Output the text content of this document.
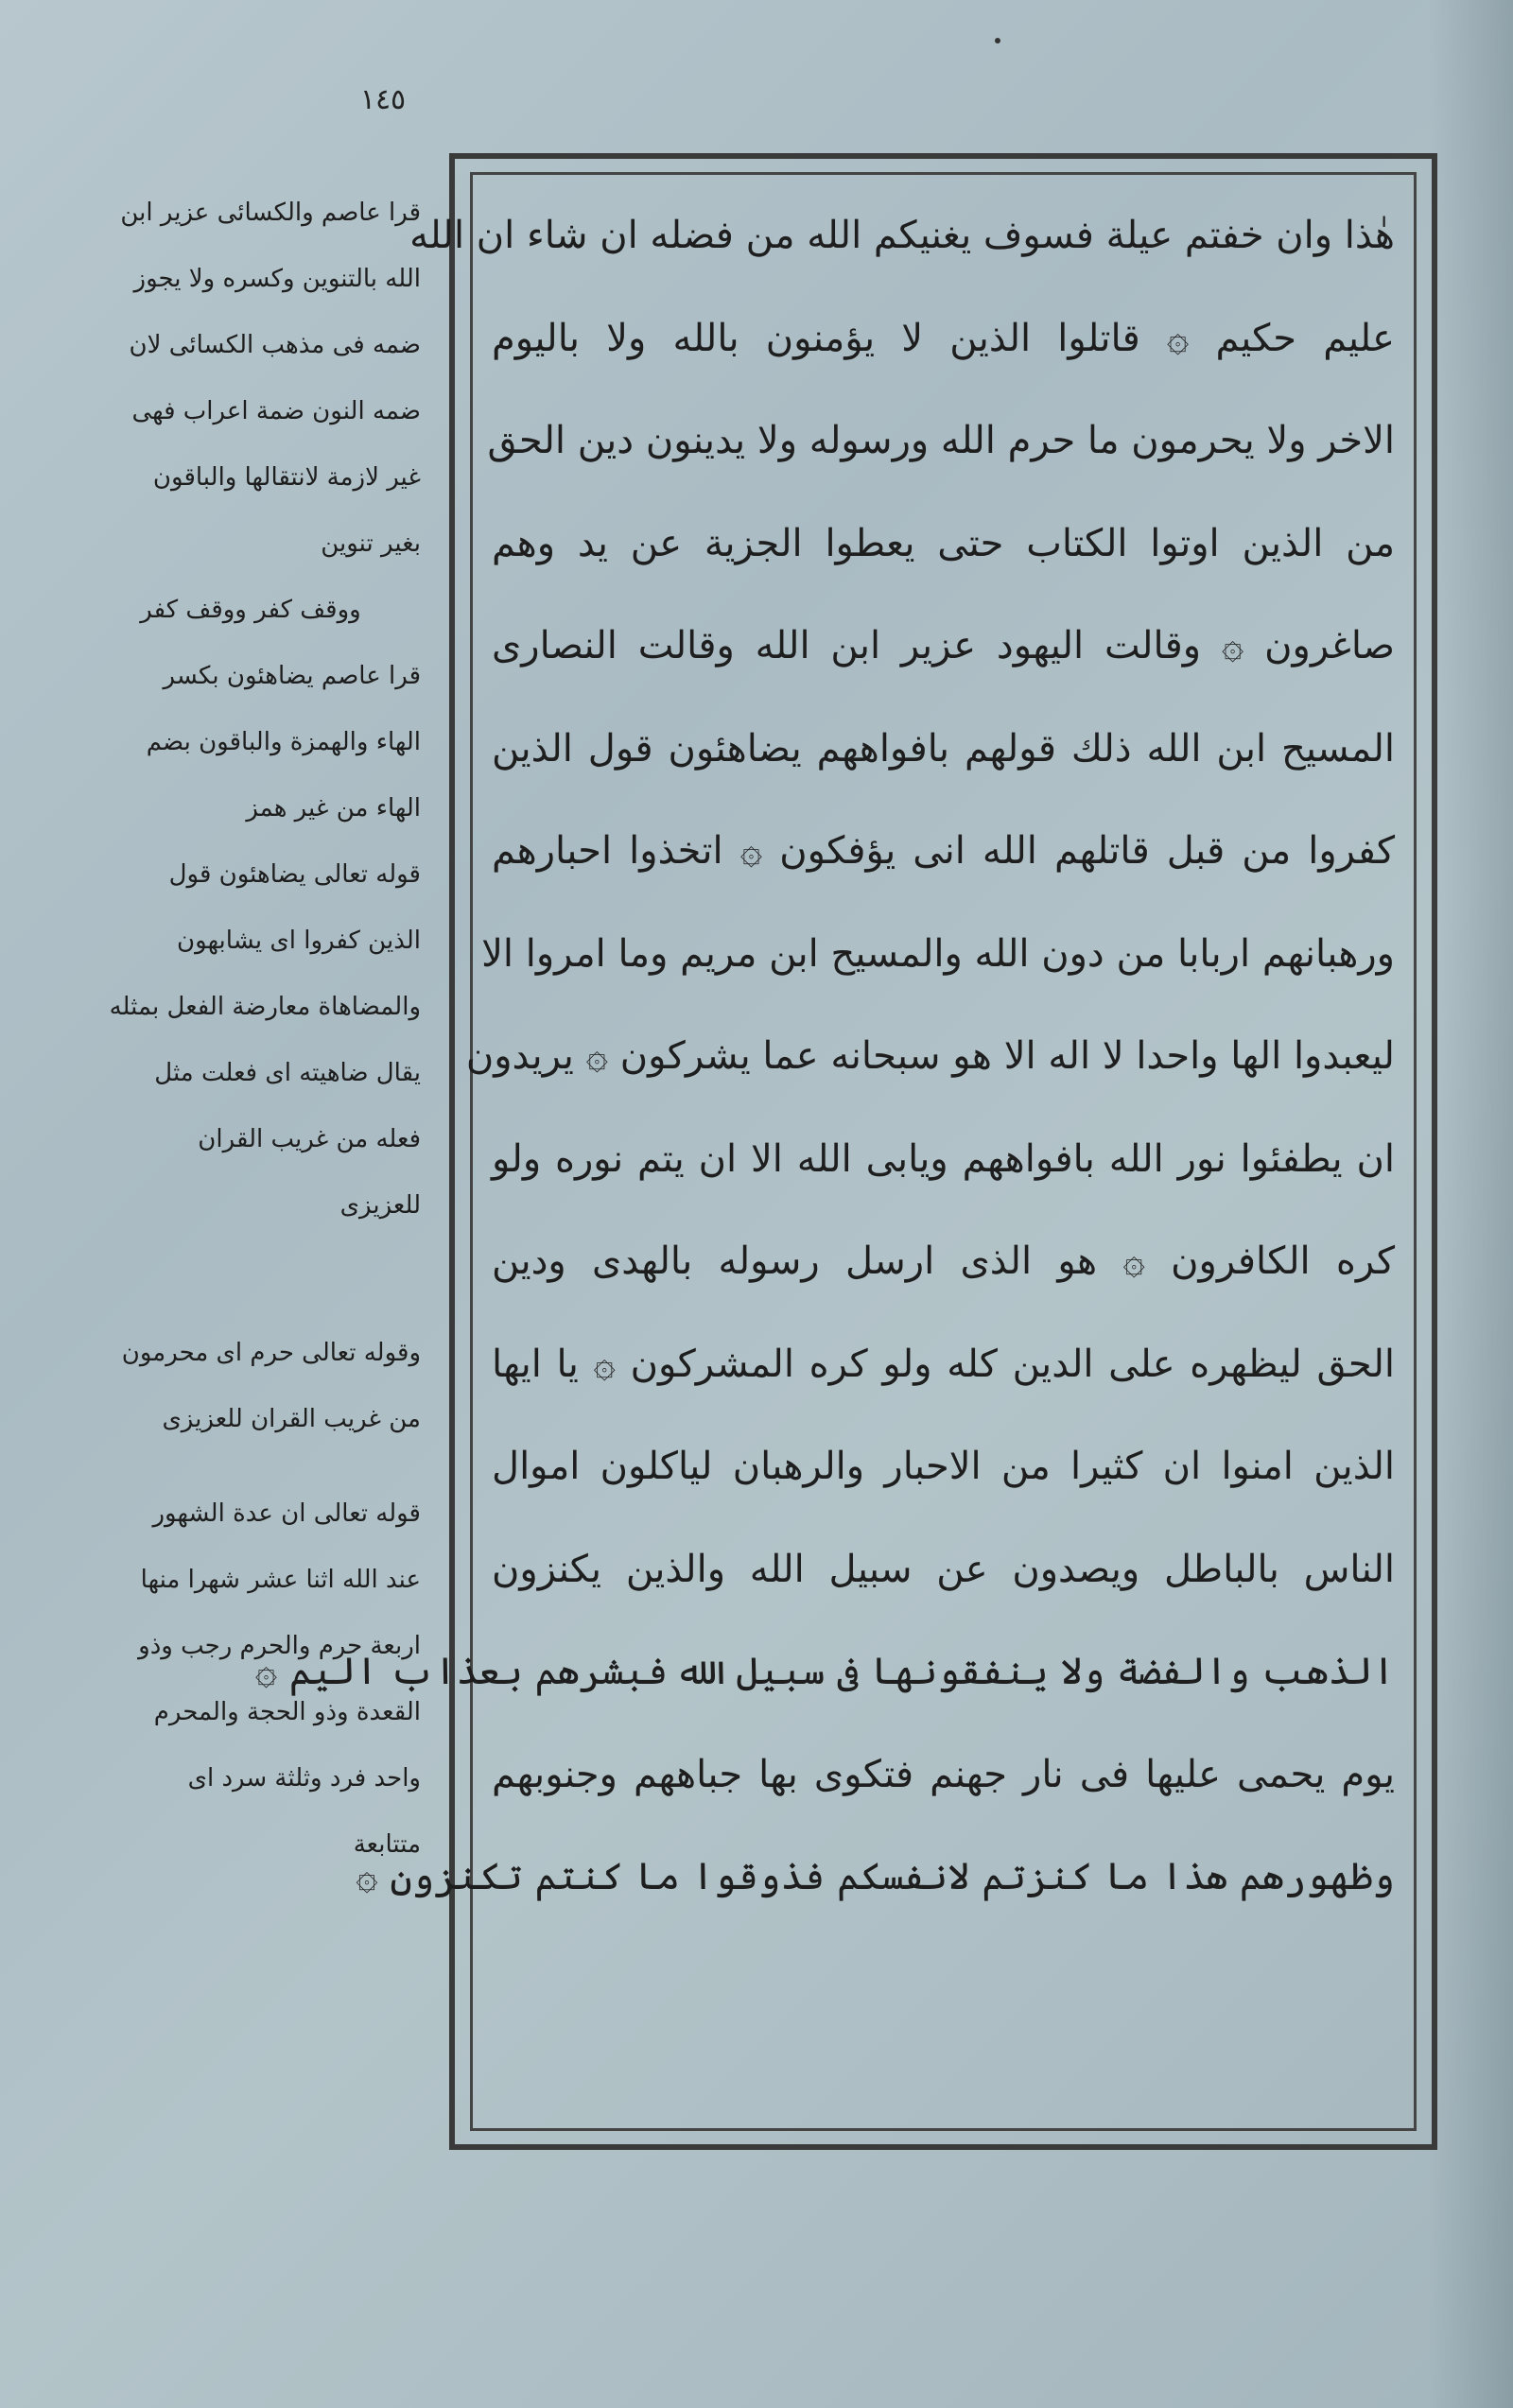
١٤٥
هٰذا وان خفتم عيلة فسوف يغنيكم الله من فضله ان شاء ان الله
عليم حكيم ۞ قاتلوا الذين لا يؤمنون بالله ولا باليوم
الاخر ولا يحرمون ما حرم الله ورسوله ولا يدينون دين الحق
من الذين اوتوا الكتاب حتى يعطوا الجزية عن يد وهم
صاغرون ۞ وقالت اليهود عزير ابن الله وقالت النصارى
المسيح ابن الله ذلك قولهم بافواههم يضاهئون قول الذين
كفروا من قبل قاتلهم الله انى يؤفكون ۞ اتخذوا احبارهم
ورهبانهم اربابا من دون الله والمسيح ابن مريم وما امروا الا
ليعبدوا الها واحدا لا اله الا هو سبحانه عما يشركون ۞ يريدون
ان يطفئوا نور الله بافواههم ويابى الله الا ان يتم نوره ولو
كره الكافرون ۞ هو الذى ارسل رسوله بالهدى ودين
الحق ليظهره على الدين كله ولو كره المشركون ۞ يا ايها
الذين امنوا ان كثيرا من الاحبار والرهبان لياكلون اموال
الناس بالباطل ويصدون عن سبيل الله والذين يكنزون
الذهب والفضة ولا ينفقونها فى سبيل الله فبشرهم بعذاب اليم ۞
يوم يحمى عليها فى نار جهنم فتكوى بها جباههم وجنوبهم
وظهورهم هذا ما كنزتم لانفسكم فذوقوا ما كنتم تكنزون ۞
قرا عاصم والكسائى عزير ابن
الله بالتنوين وكسره ولا يجوز
ضمه فى مذهب الكسائى لان
ضمه النون ضمة اعراب فهى
غير لازمة لانتقالها والباقون
بغير تنوين
ووقف كفر ووقف كفر
قرا عاصم يضاهئون بكسر
الهاء والهمزة والباقون بضم
الهاء من غير همز
قوله تعالى يضاهئون قول
الذين كفروا اى يشابهون
والمضاهاة معارضة الفعل بمثله
يقال ضاهيته اى فعلت مثل
فعله من غريب القران
للعزيزى
وقوله تعالى حرم اى محرمون
من غريب القران للعزيزى
قوله تعالى ان عدة الشهور
عند الله اثنا عشر شهرا منها
اربعة حرم والحرم رجب وذو
القعدة وذو الحجة والمحرم
واحد فرد وثلثة سرد اى
متتابعة
